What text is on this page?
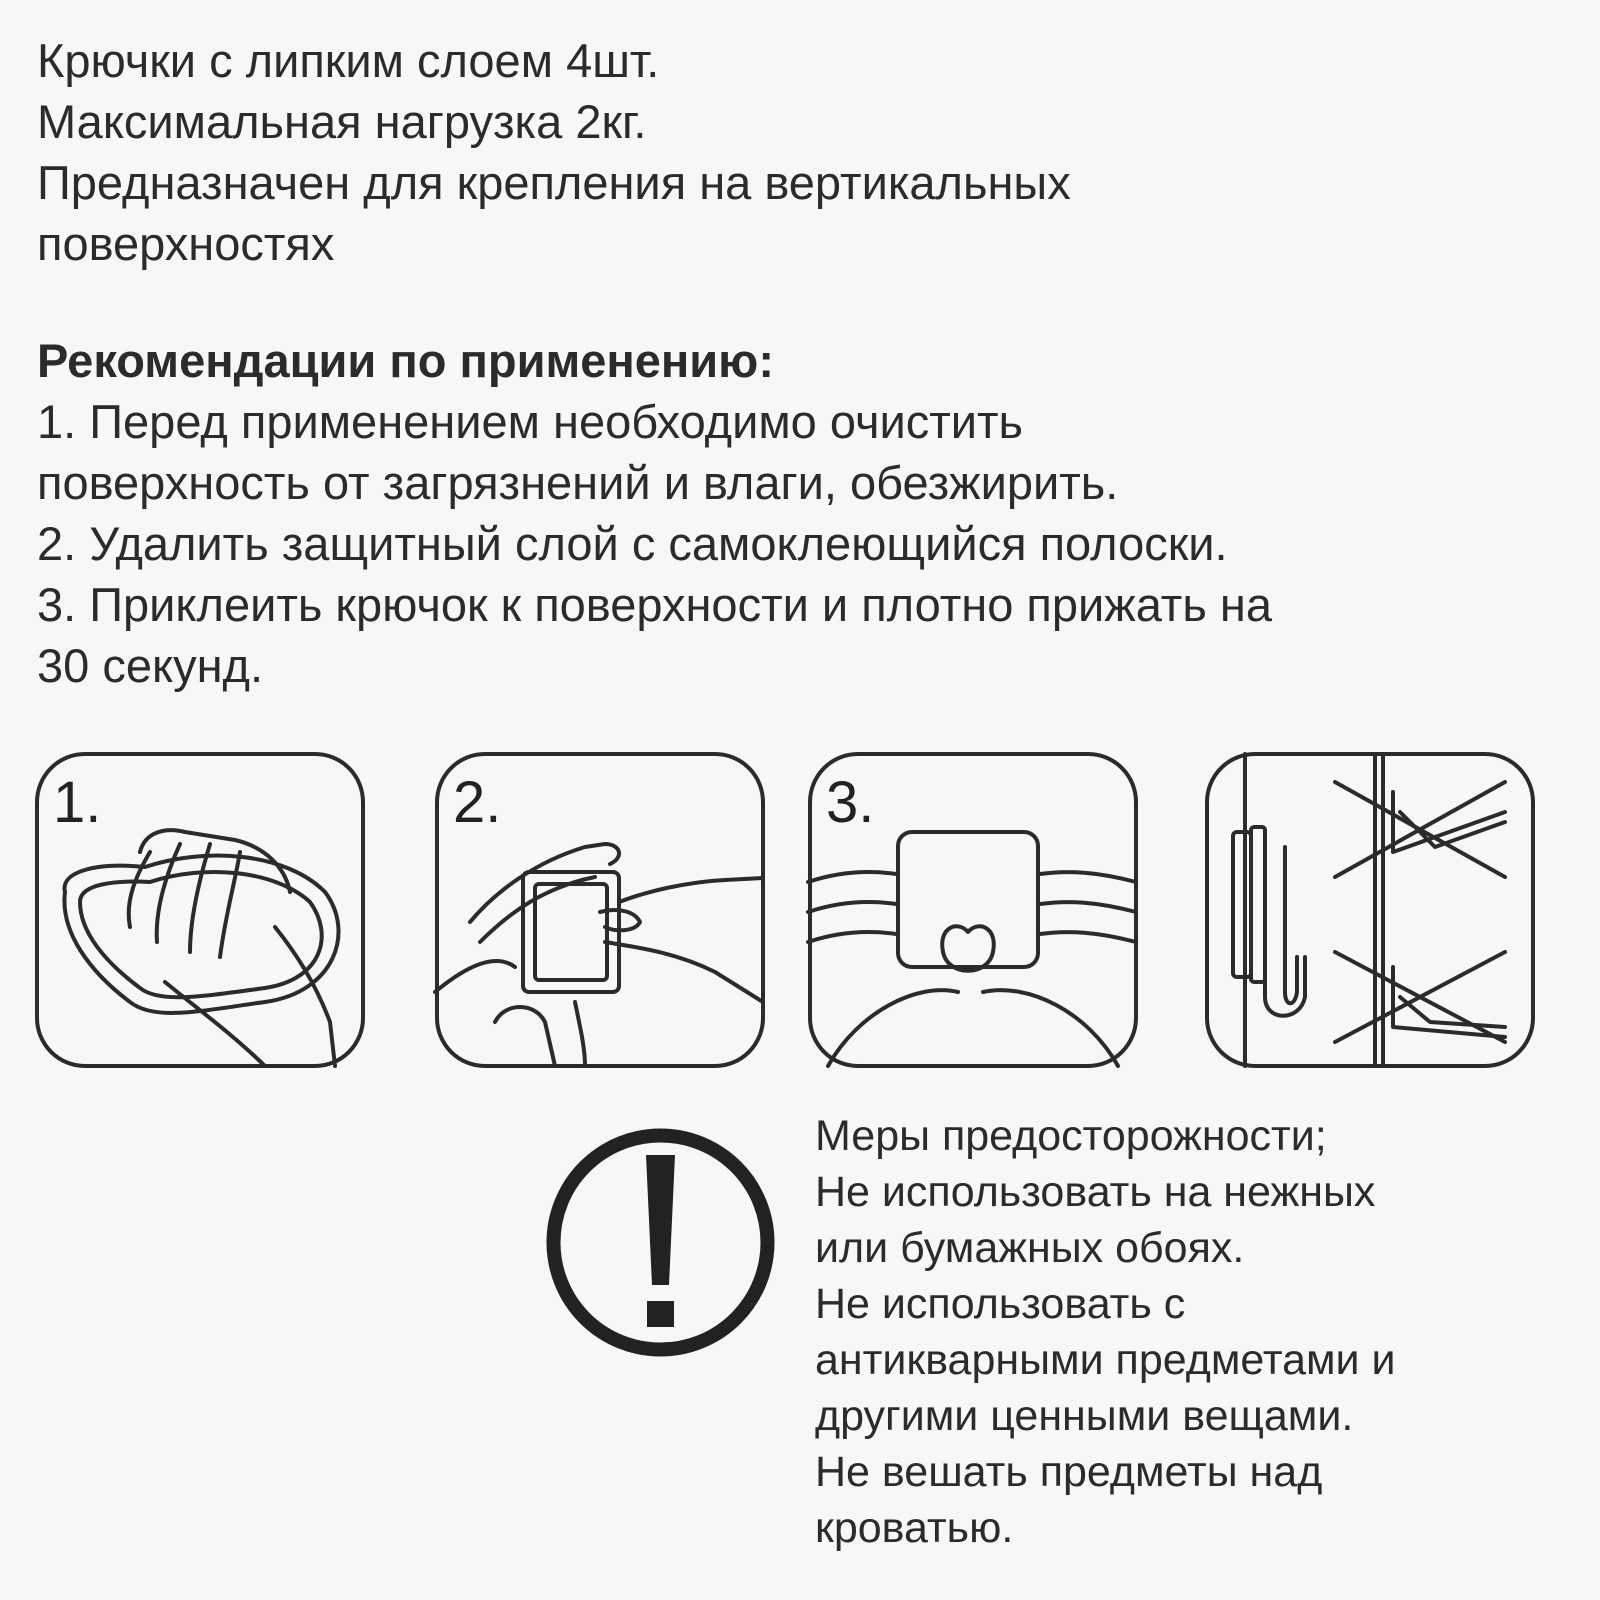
Крючки с липким слоем 4шт.
Максимальная нагрузка 2кг.
Предназначен для крепления на вертикальных
поверхностях
Рекомендации по применению:
1. Перед применением необходимо очистить
поверхность от загрязнений и влаги, обезжирить.
2. Удалить защитный слой с самоклеющийся полоски.
3. Приклеить крючок к поверхности и плотно прижать на
30 секунд.
1.	2.	3.
Меры предосторожности;
Не использовать на нежных
или бумажных обоях.
Не использовать с
антикварными предметами и
другими ценными вещами.
Не вешать предметы над
кроватью.
